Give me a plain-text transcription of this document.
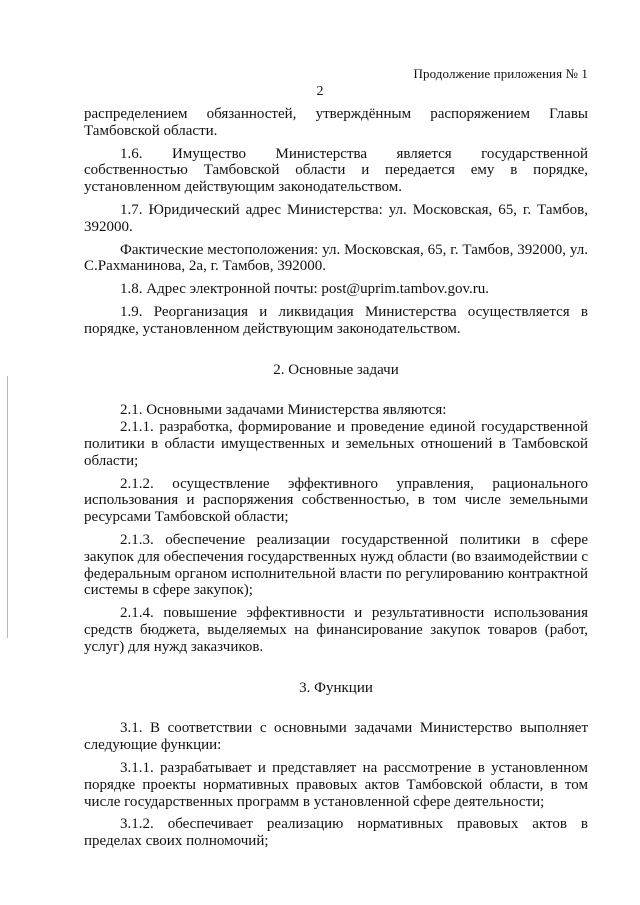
Продолжение приложения № 1
2

распределением обязанностей, утверждённым распоряжением Главы Тамбовской области.

1.6. Имущество Министерства является государственной собственностью Тамбовской области и передается ему в порядке, установленном действующим законодательством.

1.7. Юридический адрес Министерства: ул. Московская, 65, г. Тамбов, 392000.

Фактические местоположения: ул. Московская, 65, г. Тамбов, 392000, ул. С.Рахманинова, 2а, г. Тамбов, 392000.

1.8. Адрес электронной почты: post@uprim.tambov.gov.ru.

1.9. Реорганизация и ликвидация Министерства осуществляется в порядке, установленном действующим законодательством.

2. Основные задачи

2.1. Основными задачами Министерства являются:

2.1.1. разработка, формирование и проведение единой государственной политики в области имущественных и земельных отношений в Тамбовской области;

2.1.2. осуществление эффективного управления, рационального использования и распоряжения собственностью, в том числе земельными ресурсами Тамбовской области;

2.1.3. обеспечение реализации государственной политики в сфере закупок для обеспечения государственных нужд области (во взаимодействии с федеральным органом исполнительной власти по регулированию контрактной системы в сфере закупок);

2.1.4. повышение эффективности и результативности использования средств бюджета, выделяемых на финансирование закупок товаров (работ, услуг) для нужд заказчиков.

3. Функции

3.1. В соответствии с основными задачами Министерство выполняет следующие функции:

3.1.1. разрабатывает и представляет на рассмотрение в установленном порядке проекты нормативных правовых актов Тамбовской области, в том числе государственных программ в установленной сфере деятельности;

3.1.2. обеспечивает реализацию нормативных правовых актов в пределах своих полномочий;
